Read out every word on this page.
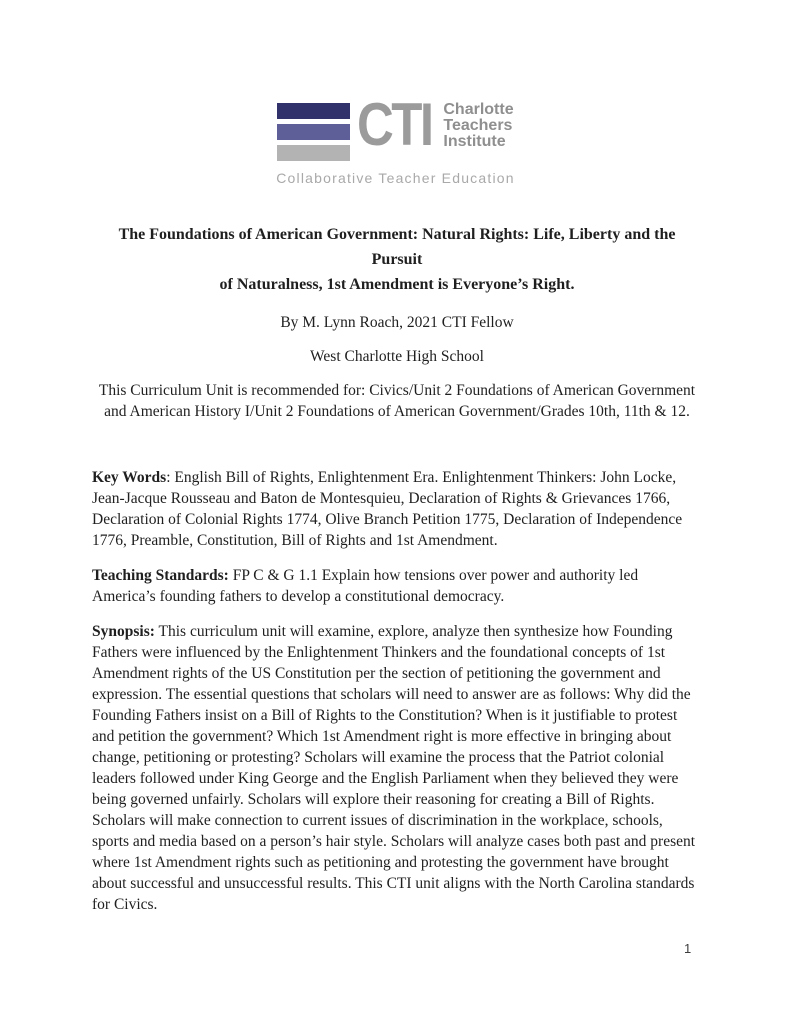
CTI Charlotte
Teachers
Institute
Collaborative Teacher Education
The Foundations of American Government: Natural Rights: Life, Liberty and the Pursuit
of Naturalness, 1st Amendment is Everyone’s Right.
By M. Lynn Roach, 2021 CTI Fellow
West Charlotte High School
This Curriculum Unit is recommended for: Civics/Unit 2 Foundations of American Government
and American History I/Unit 2 Foundations of American Government/Grades 10th, 11th & 12.

Key Words: English Bill of Rights, Enlightenment Era. Enlightenment Thinkers: John Locke, Jean-Jacque Rousseau and Baton de Montesquieu, Declaration of Rights & Grievances 1766, Declaration of Colonial Rights 1774, Olive Branch Petition 1775, Declaration of Independence 1776, Preamble, Constitution, Bill of Rights and 1st Amendment.

Teaching Standards: FP C & G 1.1 Explain how tensions over power and authority led America’s founding fathers to develop a constitutional democracy.

Synopsis: This curriculum unit will examine, explore, analyze then synthesize how Founding Fathers were influenced by the Enlightenment Thinkers and the foundational concepts of 1st Amendment rights of the US Constitution per the section of petitioning the government and expression. The essential questions that scholars will need to answer are as follows: Why did the Founding Fathers insist on a Bill of Rights to the Constitution? When is it justifiable to protest and petition the government? Which 1st Amendment right is more effective in bringing about change, petitioning or protesting? Scholars will examine the process that the Patriot colonial leaders followed under King George and the English Parliament when they believed they were being governed unfairly. Scholars will explore their reasoning for creating a Bill of Rights. Scholars will make connection to current issues of discrimination in the workplace, schools, sports and media based on a person’s hair style. Scholars will analyze cases both past and present where 1st Amendment rights such as petitioning and protesting the government have brought about successful and unsuccessful results. This CTI unit aligns with the North Carolina standards for Civics.

1
